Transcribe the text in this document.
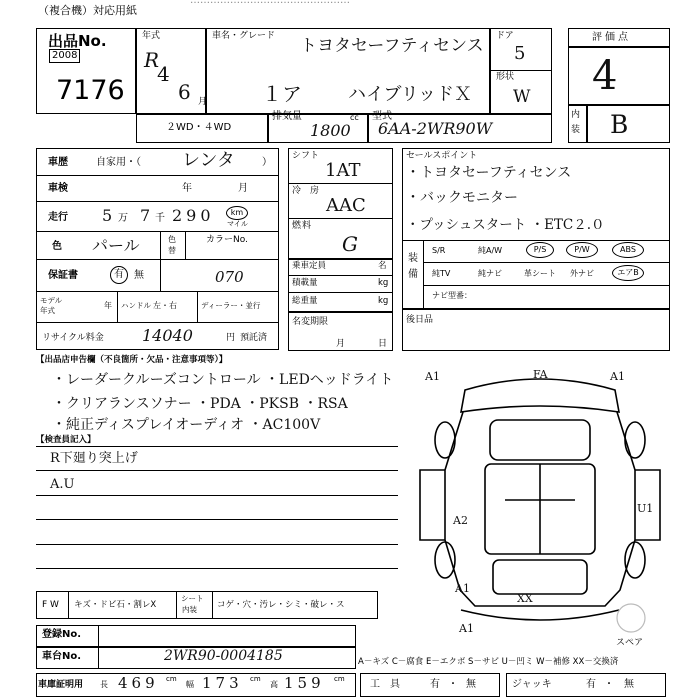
（複合機）対応用紙
…………………………………………
出品No.
2008
7176
年式
R
4
6 月
車名・グレード トヨタセーフティセンス
１ア	ハイブリッドＸ
ドア
5
形状
W
評価点
4
内
装 B
２WD・４WD
排気量	cc
1800
型式
6AA-2WR90W
車歴	自家用・（ レンタ	）
車検	年	月
走行 5 万 7 千 290	km
マイル
色 パール	色
替
カラーNo.
070
保証書	有	無
モデル
年式
年 ハンドル 左・右	ディーラー・並行
リサイクル料金 14040	円 預託済
シフト
1AT
冷 房
AAC
燃 料
G
乗車定員	名
積載量	kg
総重量	kg
名変期限
月	日
セールスポイント
・トヨタセーフティセンス
・バックモニター
・プッシュスタート ・ETC２.０
装
備
S/R	純A/W	P/S	P/W	ABS
純TV	純ナビ	革シート 外ナビ	エアB
ナビ型番：
後日品
【出品店申告欄（不良箇所・欠品・注意事項等）】
・レーダークルーズコントロール ・LEDヘッドライト
・クリアランスソナー ・PDA ・PKSB ・RSA
・純正ディスプレイオーディオ ・AC100V
【検査員記入】
R下廻り突上げ
A.U
A1	FA	A1
A2
U1
XX
A1
A1
スペア
F W キズ・ドビ石・割レX
シート
内装 コゲ・穴・汚レ・シミ・破レ・ス
登録No.
車台No.	2WR90-0004185	A－キズ C－腐食 E－エクボ S－サビ U－凹ミ W－補修 XX－交換済
車庫証明用 長 469 cm
幅 173 cm
高 159 cm	工　具	有 ・ 無	ジャッキ	有 ・ 無
